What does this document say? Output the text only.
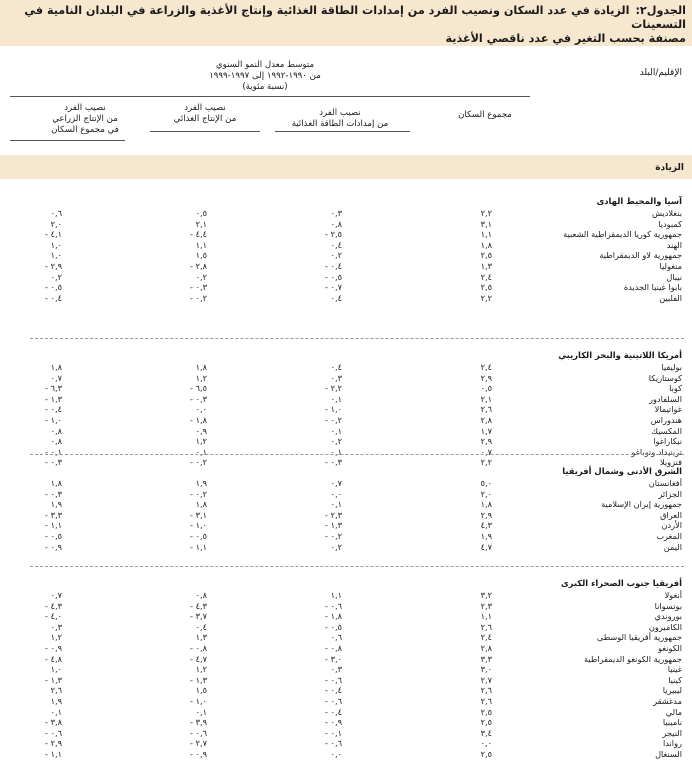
الجدول٢:الزيادة في عدد السكان ونصيب الفرد من إمدادات الطاقة الغذائية وإنتاج الأغذية والزراعة في البلدان النامية في التسعينات
مصنفة بحسب التغير في عدد ناقصي الأغذية
الإقليم/البلد
متوسط معدل النمو السنوي
من ١٩٩٠-١٩٩٢ إلى ١٩٩٧-١٩٩٩
(نسبة مئوية)
مجموع السكان
نصيب الفرد
من إمدادات الطاقة الغذائية
نصيب الفرد
من الإنتاج الغذائي
نصيب الفرد
من الإنتاج الزراعي
في مجموع السكان
الزيادة
آسيا والمحيط الهادى
بنغلاديش
٢,٢
٠,٣
٠,٥
٠,٦
كمبوديا
٣,١
٠,٨
٢,١
٢,٠
جمهورية كوريا الديمقراطية الشعبية
١,١
٢,٥ -
٤,٤ -
٤,١ -
الهند
١,٨
٠,٤
١,١
١,٠
جمهورية لاو الديمقراطية
٢,٥
٠,٢
١,٥
١,٠
منغوليا
١,٣
٠,٤ -
٢,٨ -
٢,٩ -
نيبال
٢,٤
٠,٥ -
٠,٢
٠,٢
بابوا غينيا الجديدة
٢,٥
٠,٧ -
٠,٣ -
٠,٥ -
الفلبين
٢,٢
٠,٤
٠,٢ -
٠,٤ -
أمريكا اللاتينية والبحر الكاريبي
بوليفيا
٢,٤
٠,٤
١,٨
١,٨
كوستاريكا
٢,٩
٠,٣
١,٢
٠,٧
كوبا
٠,٥
٢,٢ -
٦,٥ -
٦,٣ -
السلفادور
٢,١
٠,١
٠,٣ -
١,٣ -
غواتيمالا
٢,٦
١,٠ -
٠,٠
٠,٤ -
هندوراس
٢,٨
٠,٢ -
١,٨ -
١,٠ -
المكسيك
١,٧
٠,١
٠,٩
٠,٨
نيكاراغوا
٢,٩
٠,٢
١,٢
٠,٨
ترينيداد وتوباغو
٠,٧
٠,١
٠,١
٠,١ -
فنزويلا
٢,٢
٠,٣ -
٠,٢ -
٠,٣ -
الشرق الأدنى وشمال أفريقيا
أفغانستان
٥,٠
٠,٧
١,٩
١,٨
الجزائر
٢,٠
٠,٠
٠,٢ -
٠,٣ -
جمهورية إيران الإسلامية
١,٨
٠,١
١,٨
١,٩
العراق
٢,٩
٢,٣ -
٣,١ -
٣,٣ -
الأردن
٤,٣
١,٣ -
١,٠ -
١,١ -
المغرب
١,٩
٠,٢ -
٠,٥ -
٠,٥ -
اليمن
٤,٧
٠,٢
١,١ -
٠,٩ -
أفريقيا جنوب الصحراء الكبرى
أنغولا
٣,٢
١,١
٠,٨
٠,٧
بوتسوانا
٢,٣
٠,٦ -
٤,٣ -
٤,٣ -
بوروندي
١,١
١,٨ -
٣,٧ -
٤,٠ -
الكاميرون
٢,٦
٠,٥ -
٠,٤
٠,٣
جمهورية أفريقيا الوسطى
٢,٤
٠,٦
١,٣
١,٢
الكونغو
٢,٨
٠,٨ -
٠,٨ -
٠,٩ -
جمهورية الكونغو الديمقراطية
٣,٣
٣,٠ -
٤,٧ -
٤,٨ -
غينيا
٣,٠
٠,٣
١,٢
١,٠
كينيا
٢,٧
٠,٦ -
١,٣ -
١,٣ -
ليبيريا
٢,٦
٠,٤ -
١,٥
٢,٦
مدغشقر
٢,٦
٠,٦ -
١,٠ -
١,٩
مالي
٢,٥
٠,٤ -
٠,١
٠,١
ناميبيا
٢,٥
٠,٩ -
٣,٩ -
٣,٨ -
النيجر
٣,٤
٠,١ -
٠,٦ -
٠,٦ -
رواندا
٠,٠
٠,٦ -
٢,٧ -
٢,٩ -
السنغال
٢,٥
٠,٠
٠,٩ -
١,١ -
